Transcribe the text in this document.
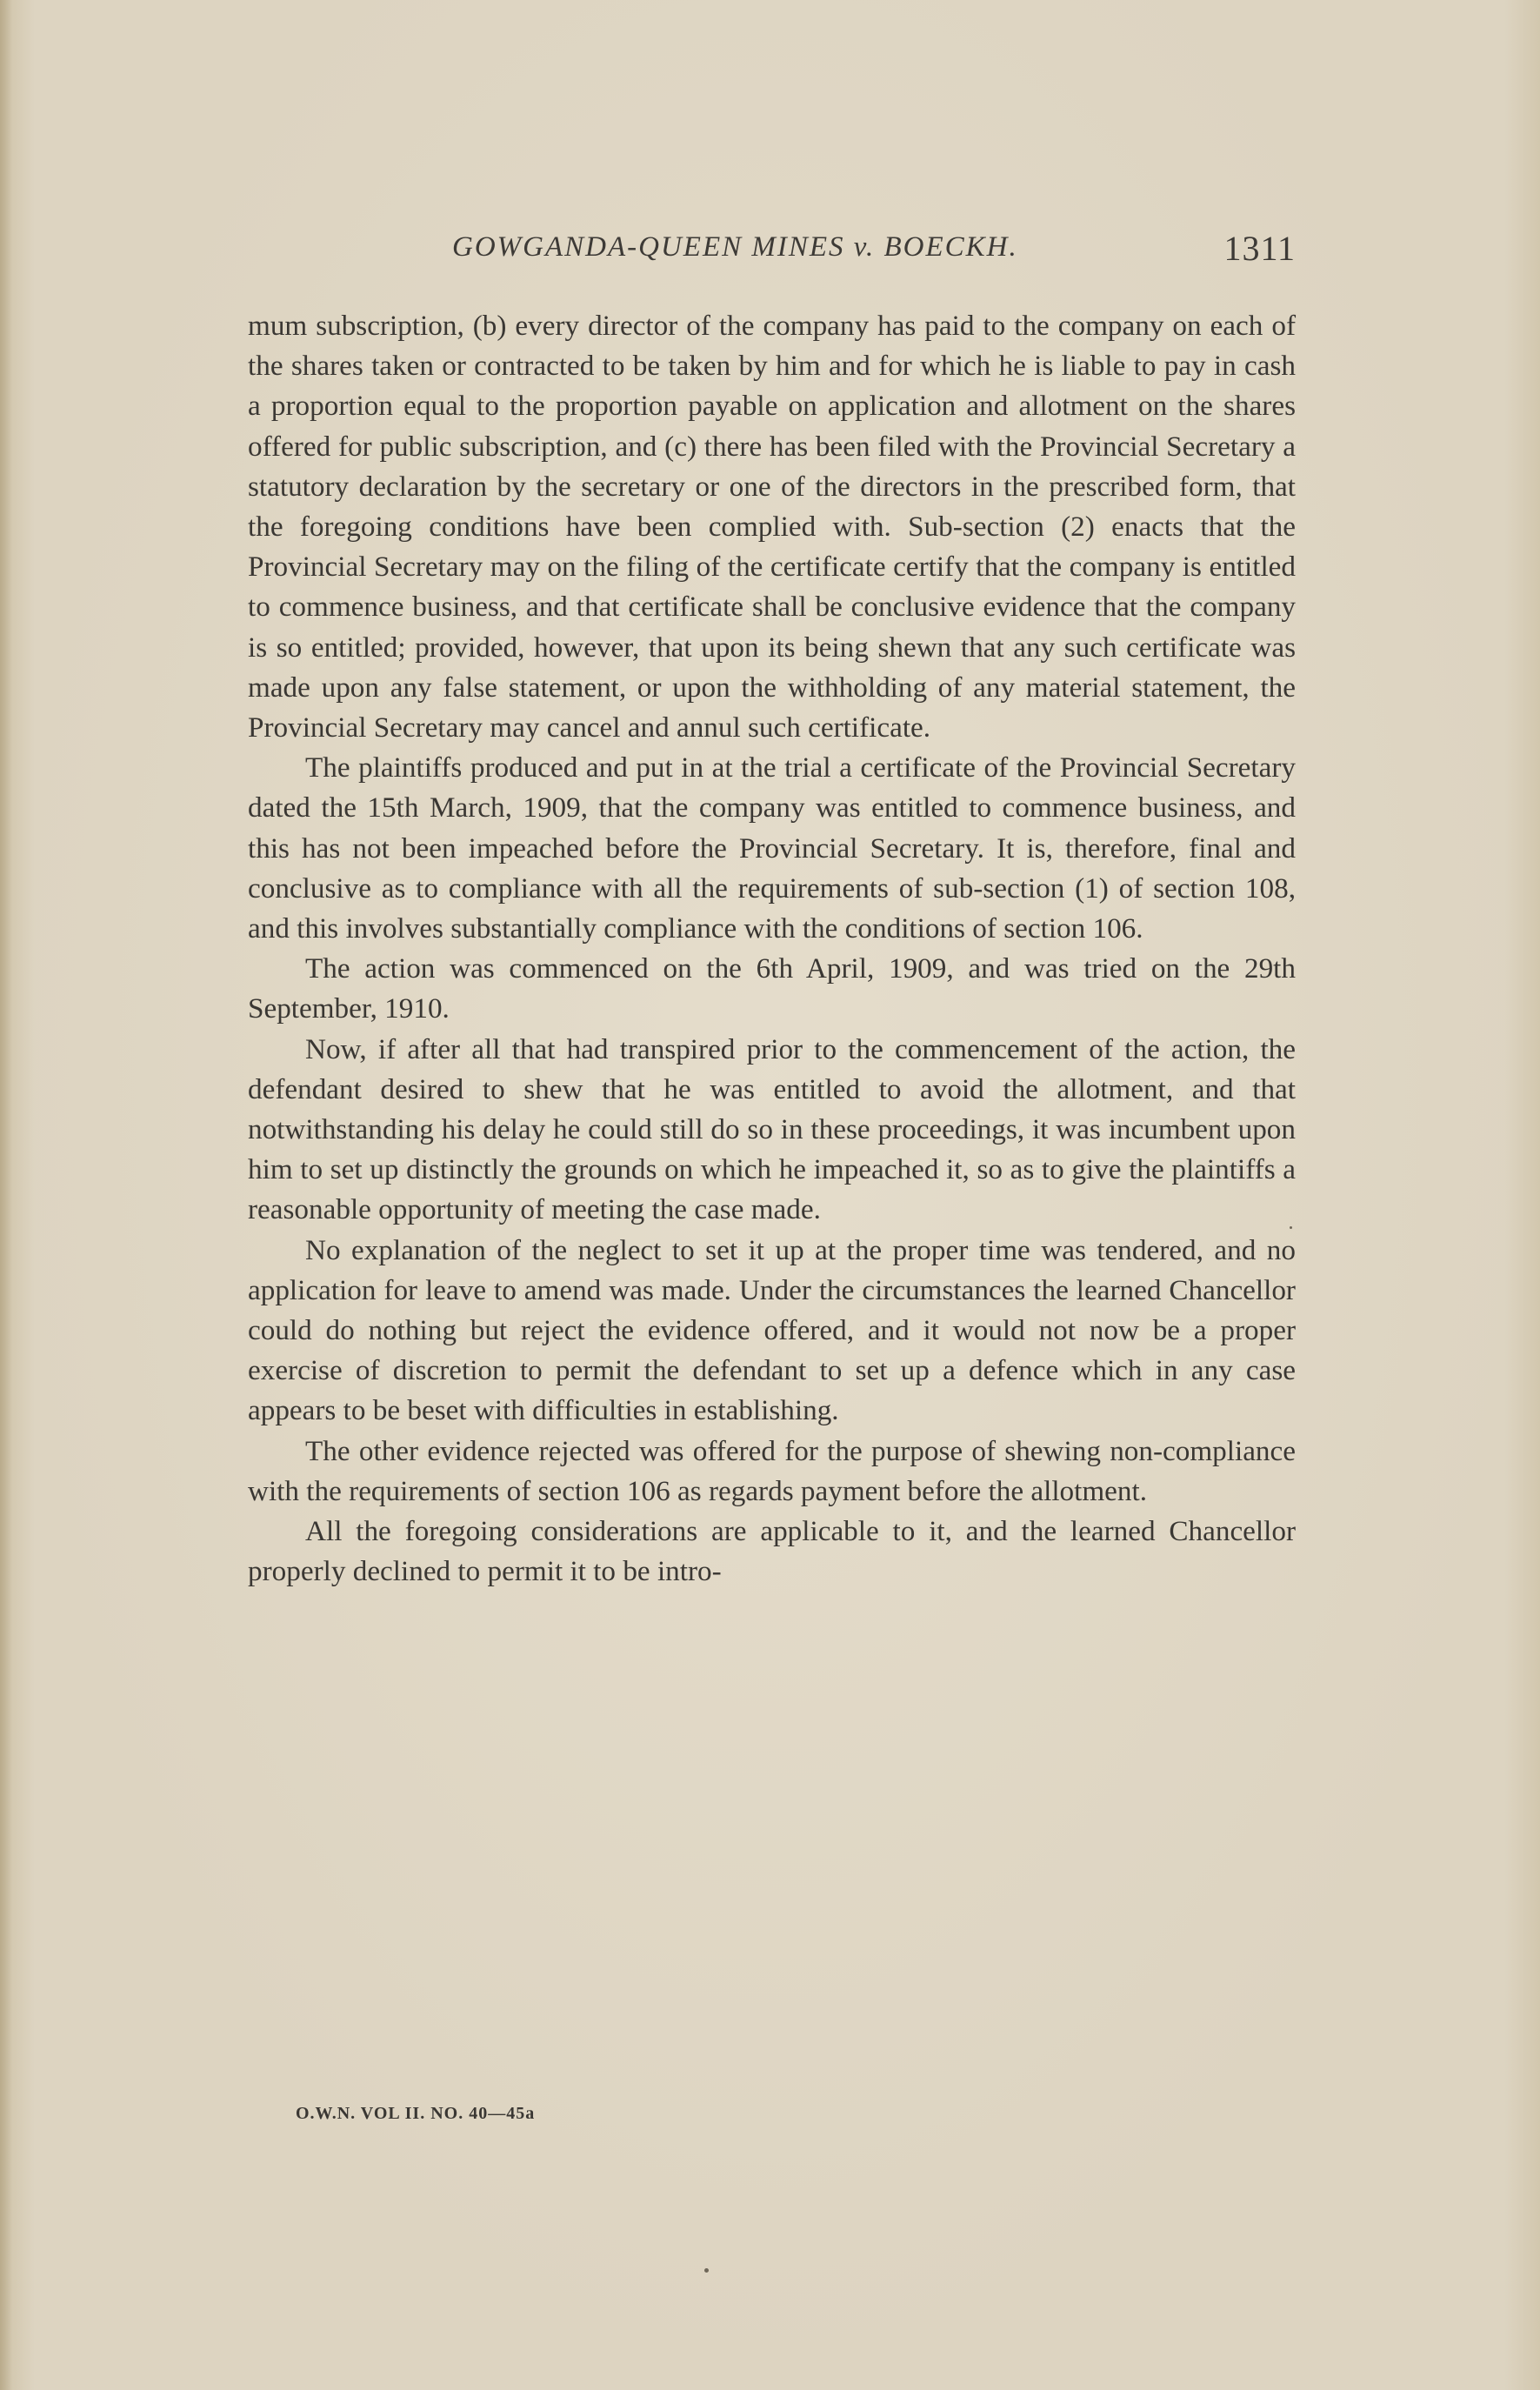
GOWGANDA-QUEEN MINES v. BOECKH.	1311

mum subscription, (b) every director of the company has paid to the company on each of the shares taken or contracted to be taken by him and for which he is liable to pay in cash a proportion equal to the proportion payable on application and allotment on the shares offered for public subscription, and (c) there has been filed with the Provincial Secretary a statutory declaration by the secretary or one of the directors in the prescribed form, that the foregoing conditions have been complied with. Sub-section (2) enacts that the Provincial Secretary may on the filing of the certificate certify that the company is entitled to commence business, and that certificate shall be conclusive evidence that the company is so entitled; provided, however, that upon its being shewn that any such certificate was made upon any false statement, or upon the withholding of any material statement, the Provincial Secretary may cancel and annul such certificate.

The plaintiffs produced and put in at the trial a certificate of the Provincial Secretary dated the 15th March, 1909, that the company was entitled to commence business, and this has not been impeached before the Provincial Secretary. It is, therefore, final and conclusive as to compliance with all the requirements of sub-section (1) of section 108, and this involves substantially compliance with the conditions of section 106.

The action was commenced on the 6th April, 1909, and was tried on the 29th September, 1910.

Now, if after all that had transpired prior to the commencement of the action, the defendant desired to shew that he was entitled to avoid the allotment, and that notwithstanding his delay he could still do so in these proceedings, it was incumbent upon him to set up distinctly the grounds on which he impeached it, so as to give the plaintiffs a reasonable opportunity of meeting the case made.

No explanation of the neglect to set it up at the proper time was tendered, and no application for leave to amend was made. Under the circumstances the learned Chancellor could do nothing but reject the evidence offered, and it would not now be a proper exercise of discretion to permit the defendant to set up a defence which in any case appears to be beset with difficulties in establishing.

The other evidence rejected was offered for the purpose of shewing non-compliance with the requirements of section 106 as regards payment before the allotment.

All the foregoing considerations are applicable to it, and the learned Chancellor properly declined to permit it to be intro-

O.W.N. VOL II. NO. 40—45a
